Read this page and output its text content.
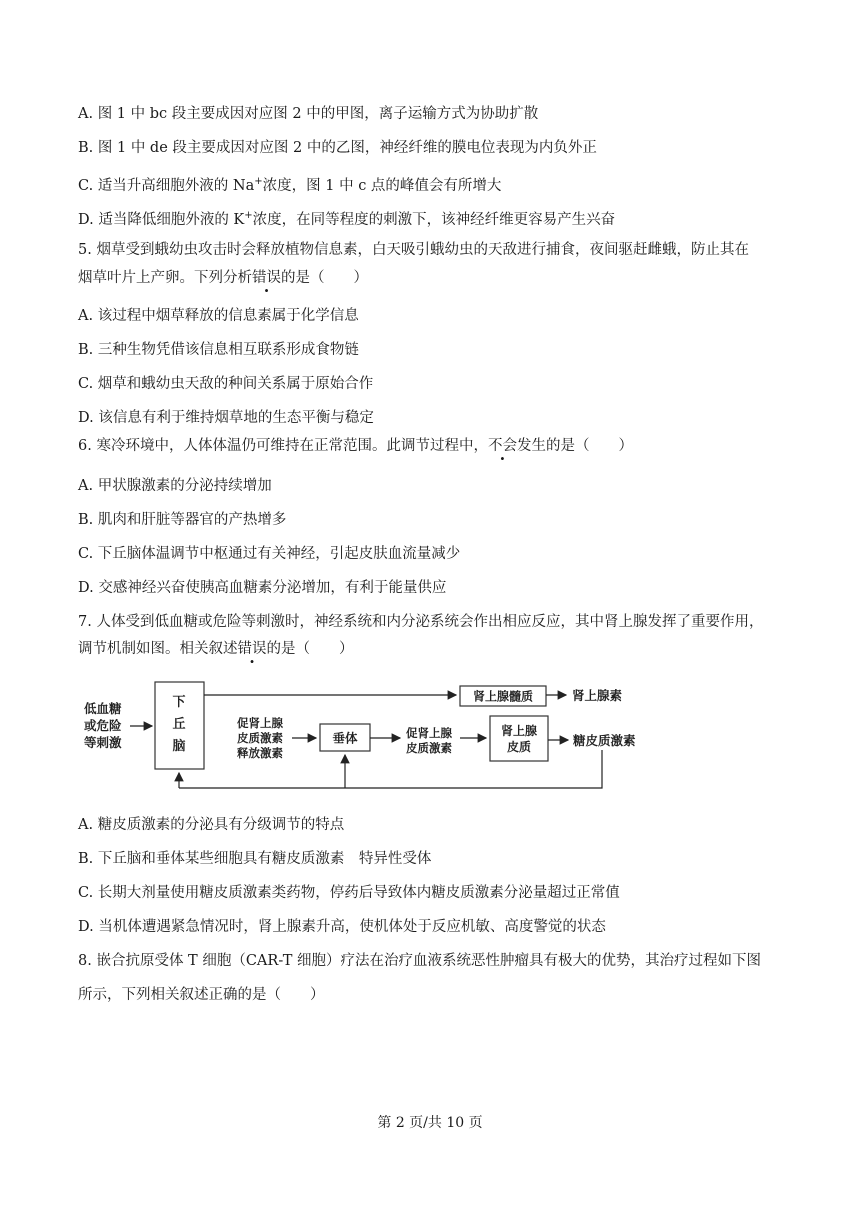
A. 图 1 中 bc 段主要成因对应图 2 中的甲图，离子运输方式为协助扩散
B. 图 1 中 de 段主要成因对应图 2 中的乙图，神经纤维的膜电位表现为内负外正
C. 适当升高细胞外液的 Na+浓度，图 1 中 c 点的峰值会有所增大
D. 适当降低细胞外液的 K+浓度，在同等程度的刺激下，该神经纤维更容易产生兴奋
5. 烟草受到蛾幼虫攻击时会释放植物信息素，白天吸引蛾幼虫的天敌进行捕食，夜间驱赶雌蛾，防止其在
烟草叶片上产卵。下列分析错误的是（　　）
A. 该过程中烟草释放的信息素属于化学信息
B. 三种生物凭借该信息相互联系形成食物链
C. 烟草和蛾幼虫天敌的种间关系属于原始合作
D. 该信息有利于维持烟草地的生态平衡与稳定
6. 寒冷环境中，人体体温仍可维持在正常范围。此调节过程中，不会发生的是（　　）
A. 甲状腺激素的分泌持续增加
B. 肌肉和肝脏等器官的产热增多
C. 下丘脑体温调节中枢通过有关神经，引起皮肤血流量减少
D. 交感神经兴奋使胰高血糖素分泌增加，有利于能量供应
7. 人体受到低血糖或危险等刺激时，神经系统和内分泌系统会作出相应反应，其中肾上腺发挥了重要作用，
调节机制如图。相关叙述错误的是（　　）
低血糖
或危险
等刺激
下
丘
脑
肾上腺髓质	肾上腺素
促肾上腺
皮质激素
释放激素
垂体	促肾上腺
皮质激素
肾上腺
皮质	糖皮质激素
A. 糖皮质激素的分泌具有分级调节的特点
B. 下丘脑和垂体某些细胞具有糖皮质激素　特异性受体
C. 长期大剂量使用糖皮质激素类药物，停药后导致体内糖皮质激素分泌量超过正常值
D. 当机体遭遇紧急情况时，肾上腺素升高，使机体处于反应机敏、高度警觉的状态
8. 嵌合抗原受体 T 细胞（CAR-T 细胞）疗法在治疗血液系统恶性肿瘤具有极大的优势，其治疗过程如下图
所示，下列相关叙述正确的是（　　）
第 2 页/共 10 页
